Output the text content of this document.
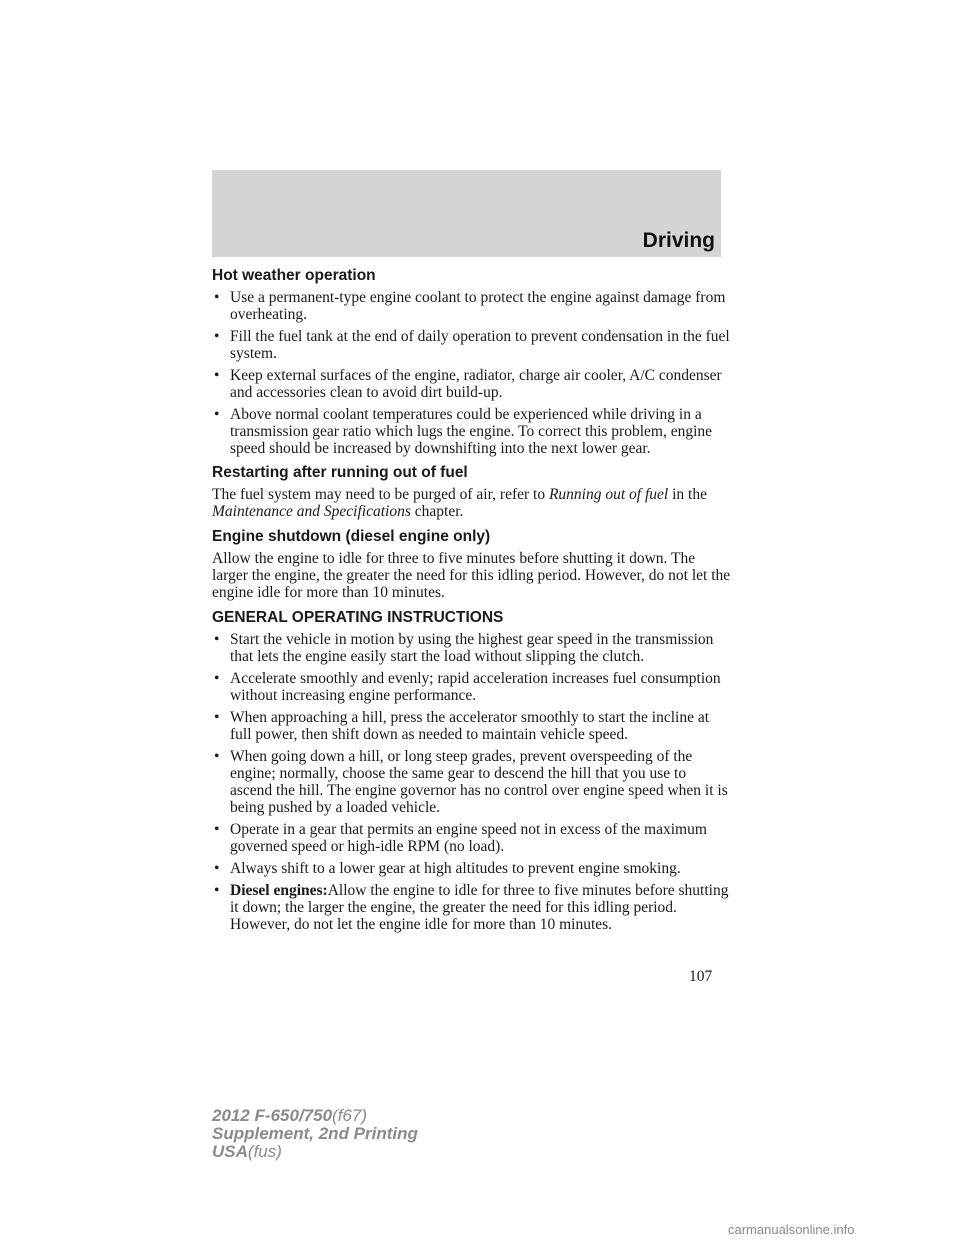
Driving
Hot weather operation
• Use a permanent-type engine coolant to protect the engine against damage from overheating.
• Fill the fuel tank at the end of daily operation to prevent condensation in the fuel system.
• Keep external surfaces of the engine, radiator, charge air cooler, A/C condenser and accessories clean to avoid dirt build-up.
• Above normal coolant temperatures could be experienced while driving in a transmission gear ratio which lugs the engine. To correct this problem, engine speed should be increased by downshifting into the next lower gear.
Restarting after running out of fuel

The fuel system may need to be purged of air, refer to Running out of fuel in the Maintenance and Specifications chapter.

Engine shutdown (diesel engine only)

Allow the engine to idle for three to five minutes before shutting it down. The larger the engine, the greater the need for this idling period. However, do not let the engine idle for more than 10 minutes.

GENERAL OPERATING INSTRUCTIONS
• Start the vehicle in motion by using the highest gear speed in the transmission that lets the engine easily start the load without slipping the clutch.
• Accelerate smoothly and evenly; rapid acceleration increases fuel consumption without increasing engine performance.
• When approaching a hill, press the accelerator smoothly to start the incline at full power, then shift down as needed to maintain vehicle speed.
• When going down a hill, or long steep grades, prevent overspeeding of the engine; normally, choose the same gear to descend the hill that you use to ascend the hill. The engine governor has no control over engine speed when it is being pushed by a loaded vehicle.
• Operate in a gear that permits an engine speed not in excess of the maximum governed speed or high-idle RPM (no load).
• Always shift to a lower gear at high altitudes to prevent engine smoking.
• Diesel engines:Allow the engine to idle for three to five minutes before shutting it down; the larger the engine, the greater the need for this idling period. However, do not let the engine idle for more than 10 minutes.
107
2012 F-650/750(f67)
Supplement, 2nd Printing
USA(fus)
carmanualsonline.info
